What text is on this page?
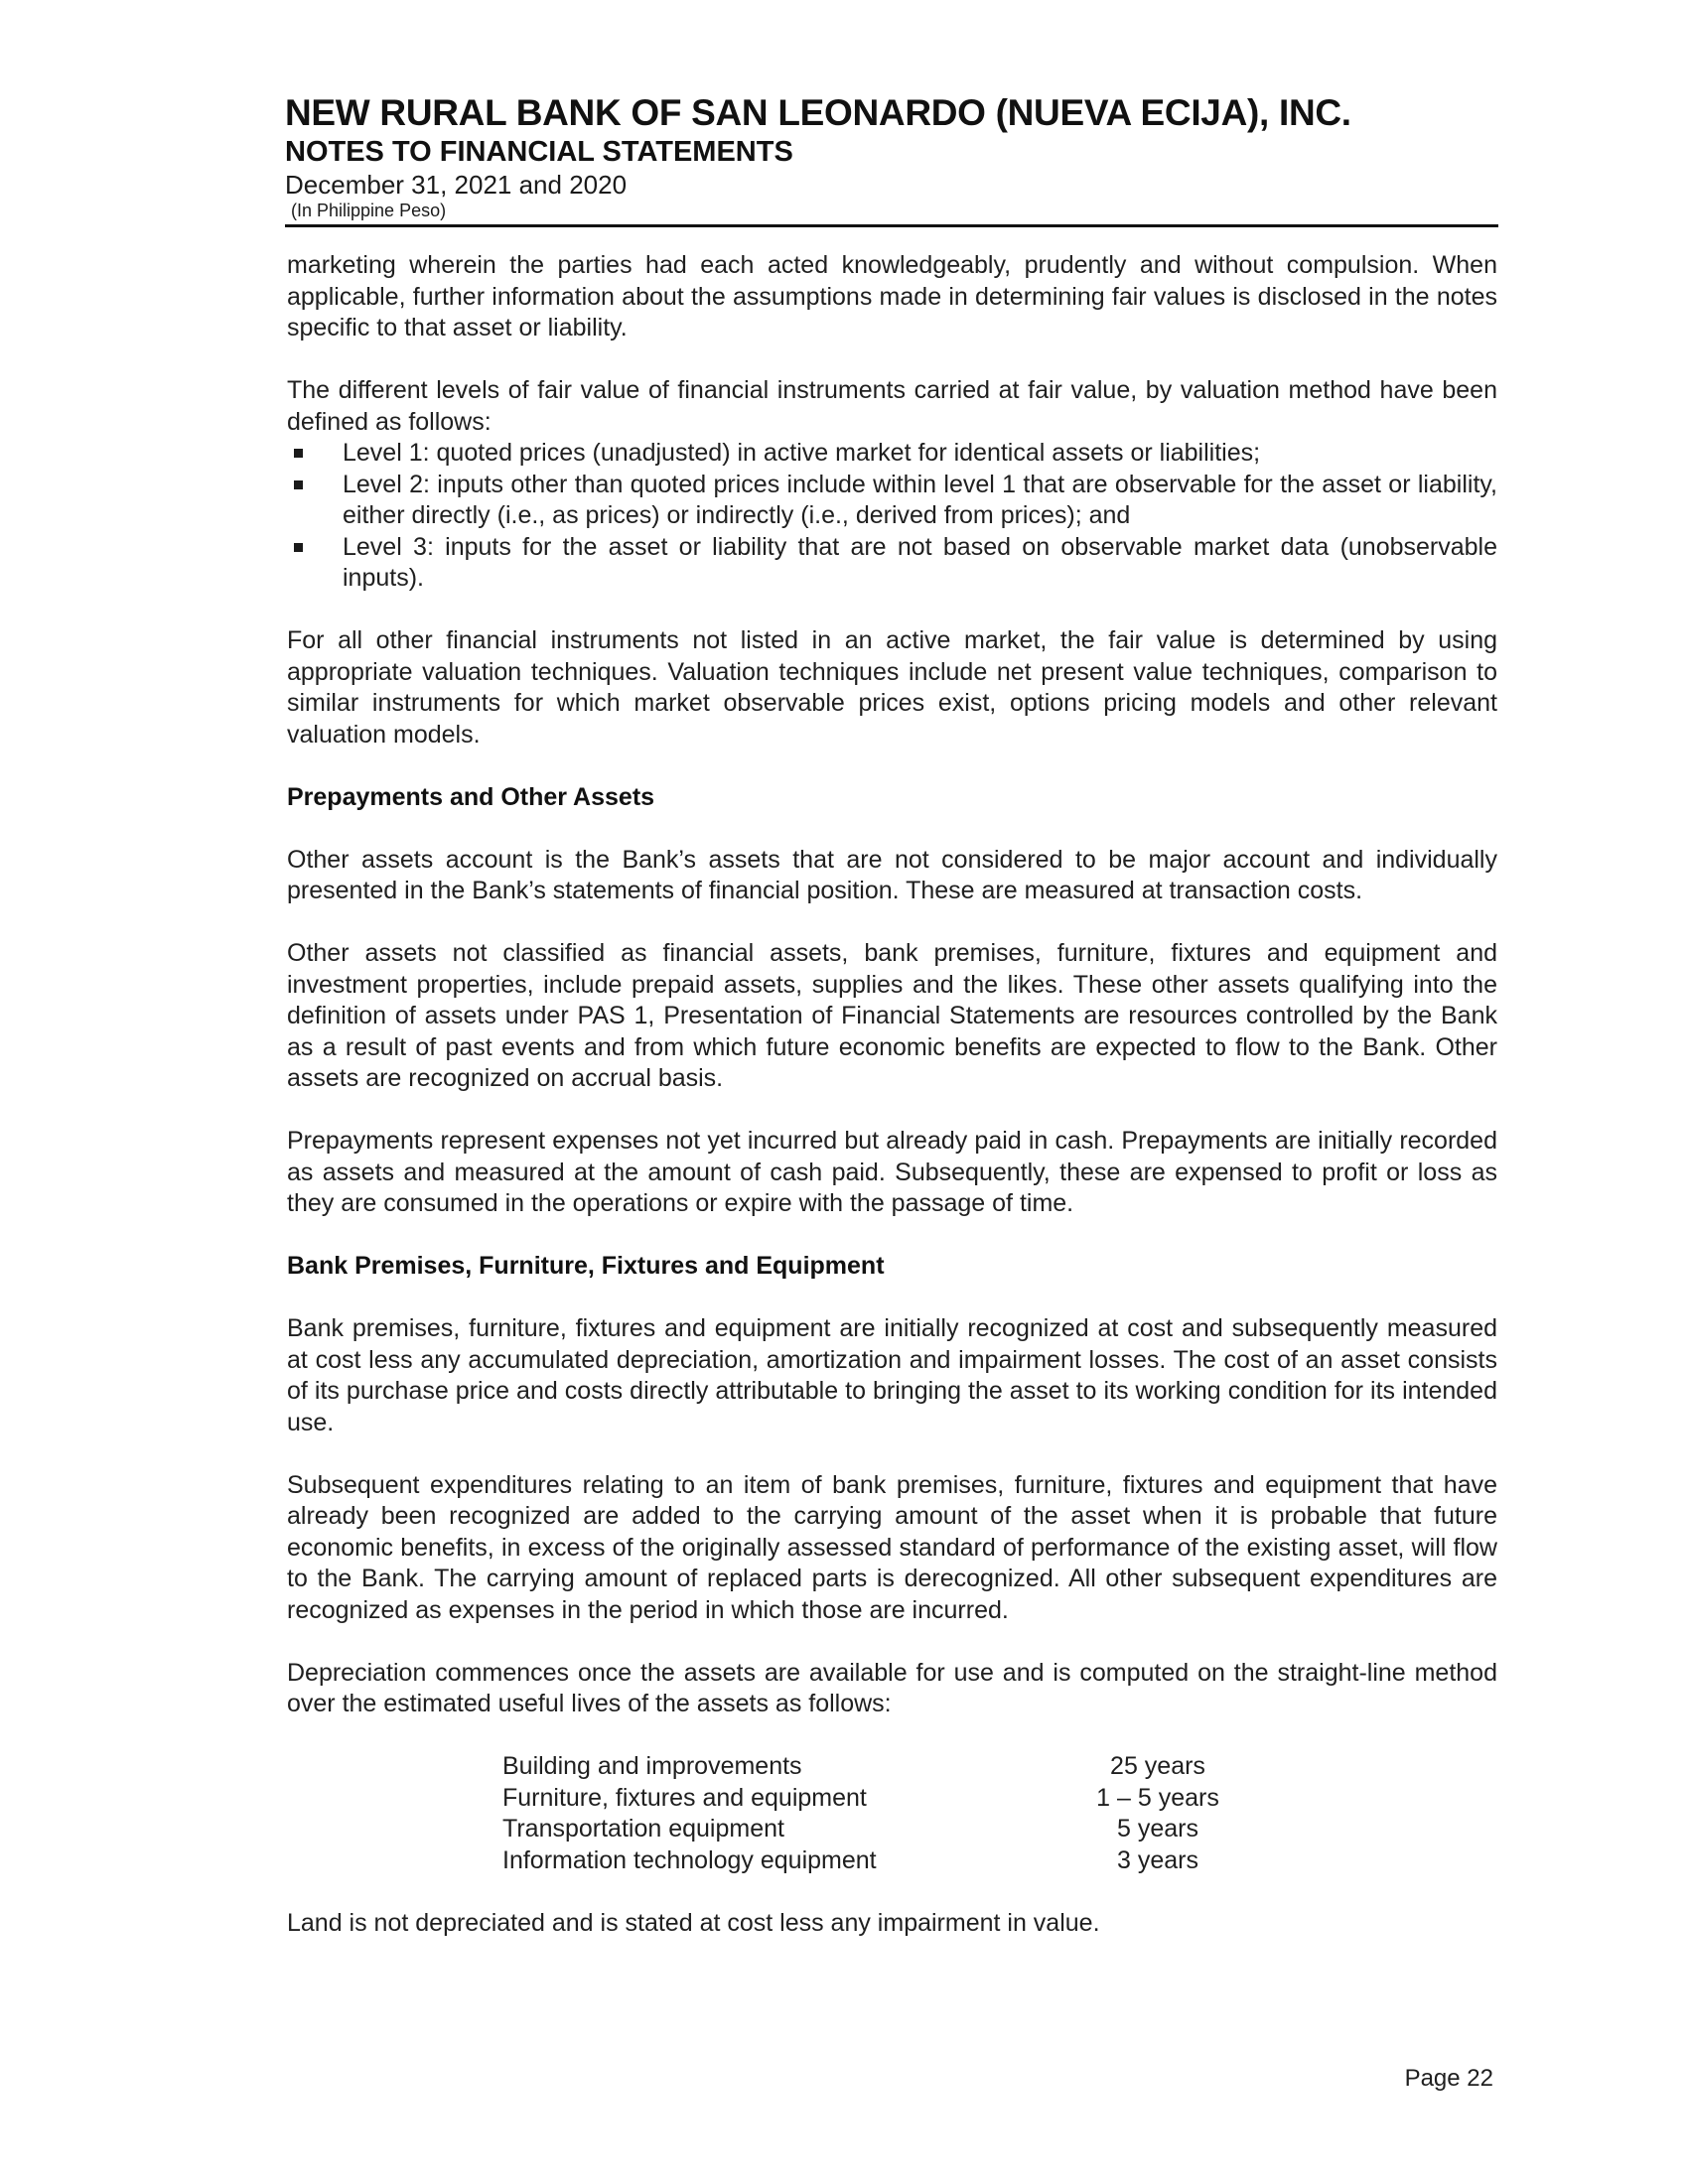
NEW RURAL BANK OF SAN LEONARDO (NUEVA ECIJA), INC.
NOTES TO FINANCIAL STATEMENTS
December 31, 2021 and 2020
(In Philippine Peso)

marketing wherein the parties had each acted knowledgeably, prudently and without compulsion. When applicable, further information about the assumptions made in determining fair values is disclosed in the notes specific to that asset or liability.

The different levels of fair value of financial instruments carried at fair value, by valuation method have been defined as follows:

Level 1: quoted prices (unadjusted) in active market for identical assets or liabilities;
Level 2: inputs other than quoted prices include within level 1 that are observable for the asset or liability, either directly (i.e., as prices) or indirectly (i.e., derived from prices); and
Level 3: inputs for the asset or liability that are not based on observable market data (unobservable inputs).

For all other financial instruments not listed in an active market, the fair value is determined by using appropriate valuation techniques. Valuation techniques include net present value techniques, comparison to similar instruments for which market observable prices exist, options pricing models and other relevant valuation models.

Prepayments and Other Assets

Other assets account is the Bank’s assets that are not considered to be major account and individually presented in the Bank’s statements of financial position. These are measured at transaction costs.

Other assets not classified as financial assets, bank premises, furniture, fixtures and equipment and investment properties, include prepaid assets, supplies and the likes. These other assets qualifying into the definition of assets under PAS 1, Presentation of Financial Statements are resources controlled by the Bank as a result of past events and from which future economic benefits are expected to flow to the Bank. Other assets are recognized on accrual basis.

Prepayments represent expenses not yet incurred but already paid in cash. Prepayments are initially recorded as assets and measured at the amount of cash paid. Subsequently, these are expensed to profit or loss as they are consumed in the operations or expire with the passage of time.

Bank Premises, Furniture, Fixtures and Equipment

Bank premises, furniture, fixtures and equipment are initially recognized at cost and subsequently measured at cost less any accumulated depreciation, amortization and impairment losses. The cost of an asset consists of its purchase price and costs directly attributable to bringing the asset to its working condition for its intended use.

Subsequent expenditures relating to an item of bank premises, furniture, fixtures and equipment that have already been recognized are added to the carrying amount of the asset when it is probable that future economic benefits, in excess of the originally assessed standard of performance of the existing asset, will flow to the Bank. The carrying amount of replaced parts is derecognized. All other subsequent expenditures are recognized as expenses in the period in which those are incurred.

Depreciation commences once the assets are available for use and is computed on the straight-line method over the estimated useful lives of the assets as follows:

Building and improvements	25 years
Furniture, fixtures and equipment	1 – 5 years
Transportation equipment	5 years
Information technology equipment	3 years

Land is not depreciated and is stated at cost less any impairment in value.

Page 22
